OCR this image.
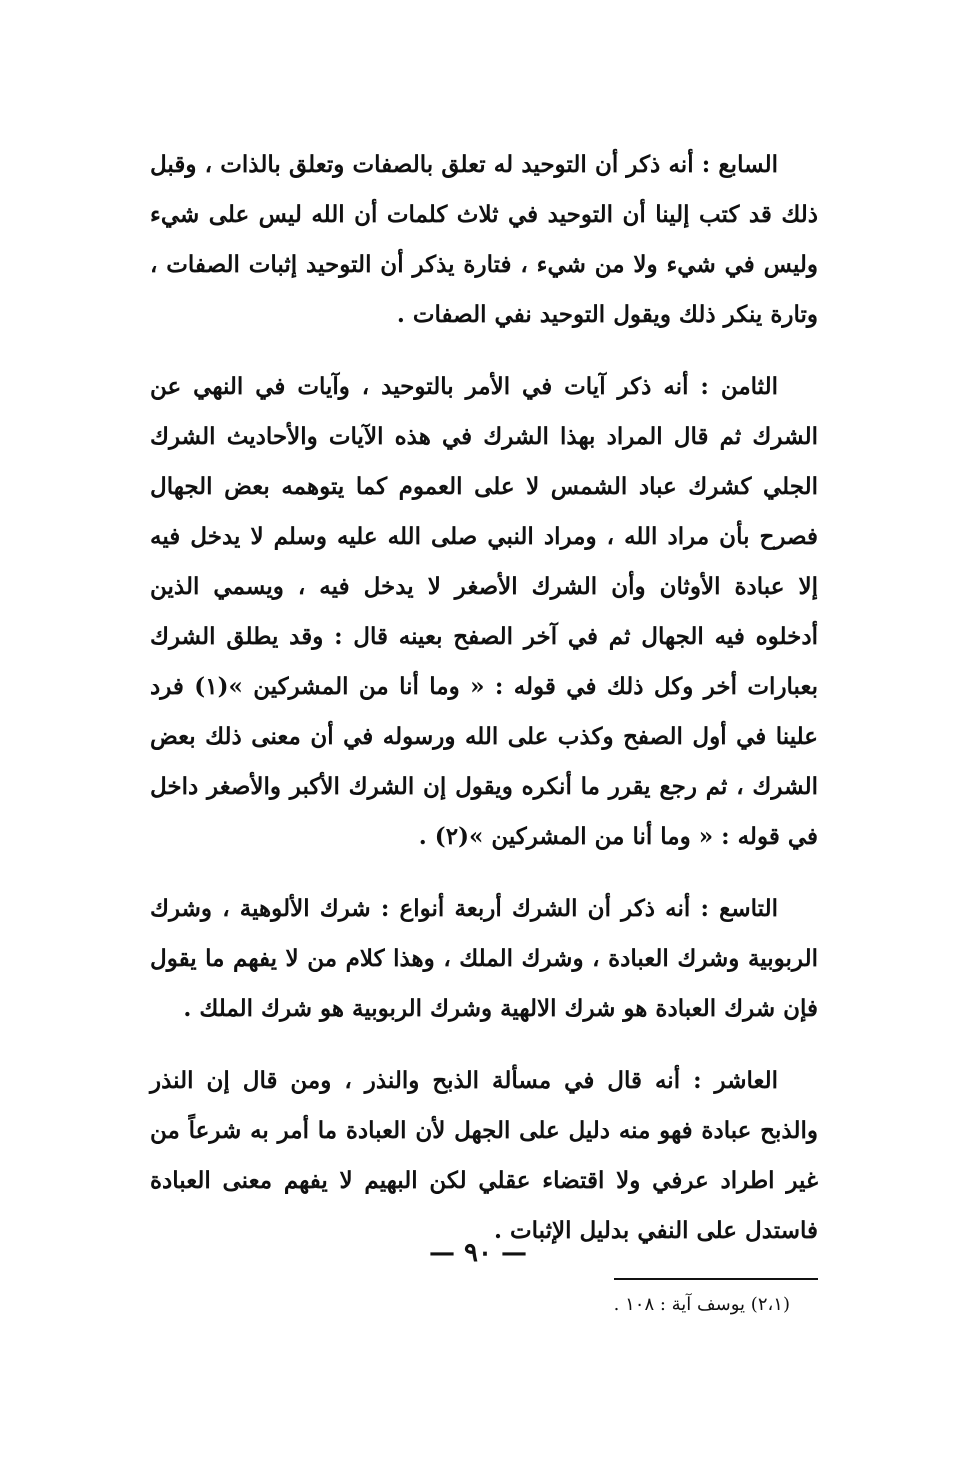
السابع : أنه ذكر أن التوحيد له تعلق بالصفات وتعلق بالذات ، وقبل ذلك قد كتب إلينا أن التوحيد في ثلاث كلمات أن الله ليس على شيء وليس في شيء ولا من شيء ، فتارة يذكر أن التوحيد إثبات الصفات ، وتارة ينكر ذلك ويقول التوحيد نفي الصفات .

الثامن : أنه ذكر آيات في الأمر بالتوحيد ، وآيات في النهي عن الشرك ثم قال المراد بهذا الشرك في هذه الآيات والأحاديث الشرك الجلي كشرك عباد الشمس لا على العموم كما يتوهمه بعض الجهال فصرح بأن مراد الله ، ومراد النبي صلى الله عليه وسلم لا يدخل فيه إلا عبادة الأوثان وأن الشرك الأصغر لا يدخل فيه ، ويسمي الذين أدخلوه فيه الجهال ثم في آخر الصفح بعينه قال : وقد يطلق الشرك بعبارات أخر وكل ذلك في قوله : « وما أنا من المشركين »(١) فرد علينا في أول الصفح وكذب على الله ورسوله في أن معنى ذلك بعض الشرك ، ثم رجع يقرر ما أنكره ويقول إن الشرك الأكبر والأصغر داخل في قوله : « وما أنا من المشركين »(٢) .

التاسع : أنه ذكر أن الشرك أربعة أنواع : شرك الألوهية ، وشرك الربوبية وشرك العبادة ، وشرك الملك ، وهذا كلام من لا يفهم ما يقول فإن شرك العبادة هو شرك الالهية وشرك الربوبية هو شرك الملك .

العاشر : أنه قال في مسألة الذبح والنذر ، ومن قال إن النذر والذبح عبادة فهو منه دليل على الجهل لأن العبادة ما أمر به شرعاً من غير اطراد عرفي ولا اقتضاء عقلي لكن البهيم لا يفهم معنى العبادة فاستدل على النفي بدليل الإثبات .

(٢،١) يوسف آية : ١٠٨ .
— ٩٠ —
